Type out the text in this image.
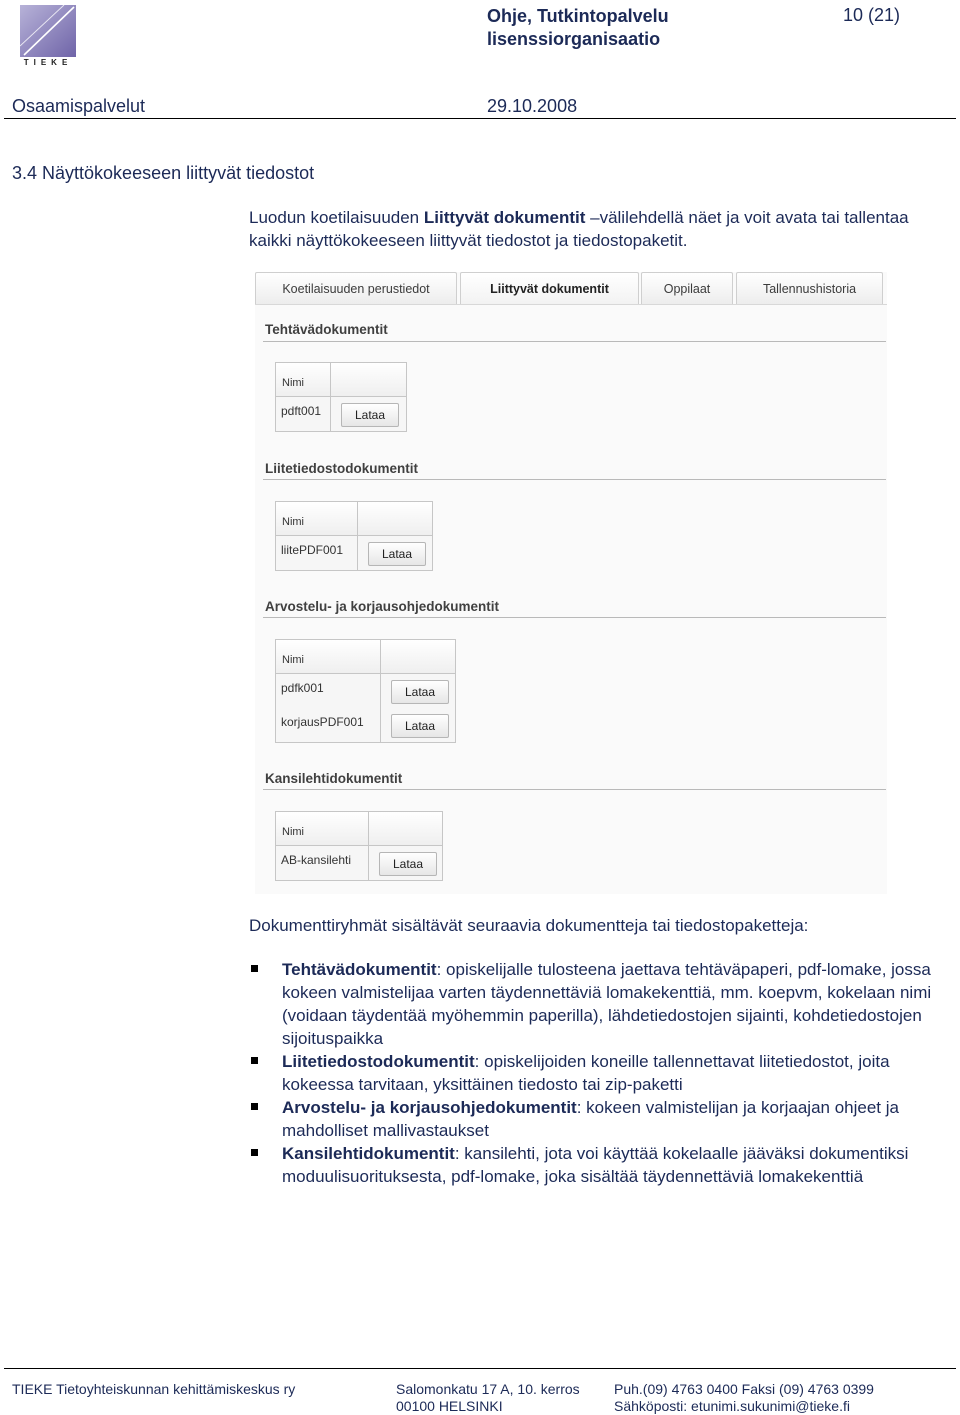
TIEKE
Ohje, Tutkintopalvelu
lisenssiorganisaatio
10 (21)
Osaamispalvelut	29.10.2008
3.4 Näyttökokeeseen liittyvät tiedostot
Luodun koetilaisuuden Liittyvät dokumentit –välilehdellä näet ja voit avata tai tallentaa kaikki näyttökokeeseen liittyvät tiedostot ja tiedostopaketit.
Koetilaisuuden perustiedot	Liittyvät dokumentit	Oppilaat	Tallennushistoria
Tehtävädokumentit
Nimi
pdft001	Lataa
Liitetiedostodokumentit
Nimi
liitePDF001	Lataa
Arvostelu- ja korjausohjedokumentit
Nimi
pdfk001	Lataa
korjausPDF001	Lataa
Kansilehtidokumentit
Nimi
AB-kansilehti	Lataa
Dokumenttiryhmät sisältävät seuraavia dokumentteja tai tiedostopaketteja:
Tehtävädokumentit: opiskelijalle tulosteena jaettava tehtäväpaperi, pdf-lomake, jossa kokeen valmistelijaa varten täydennettäviä lomakekenttiä, mm. koepvm, kokelaan nimi (voidaan täydentää myöhemmin paperilla), lähdetiedostojen sijainti, kohdetiedostojen sijoituspaikka
Liitetiedostodokumentit: opiskelijoiden koneille tallennettavat liitetiedostot, joita kokeessa tarvitaan, yksittäinen tiedosto tai zip-paketti
Arvostelu- ja korjausohjedokumentit: kokeen valmistelijan ja korjaajan ohjeet ja mahdolliset mallivastaukset
Kansilehtidokumentit: kansilehti, jota voi käyttää kokelaalle jääväksi dokumentiksi moduulisuorituksesta, pdf-lomake, joka sisältää täydennettäviä lomakekenttiä
TIEKE Tietoyhteiskunnan kehittämiskeskus ry	Salomonkatu 17 A, 10. kerros
00100 HELSINKI
Puh.(09) 4763 0400 Faksi (09) 4763 0399
Sähköposti: etunimi.sukunimi@tieke.fi
